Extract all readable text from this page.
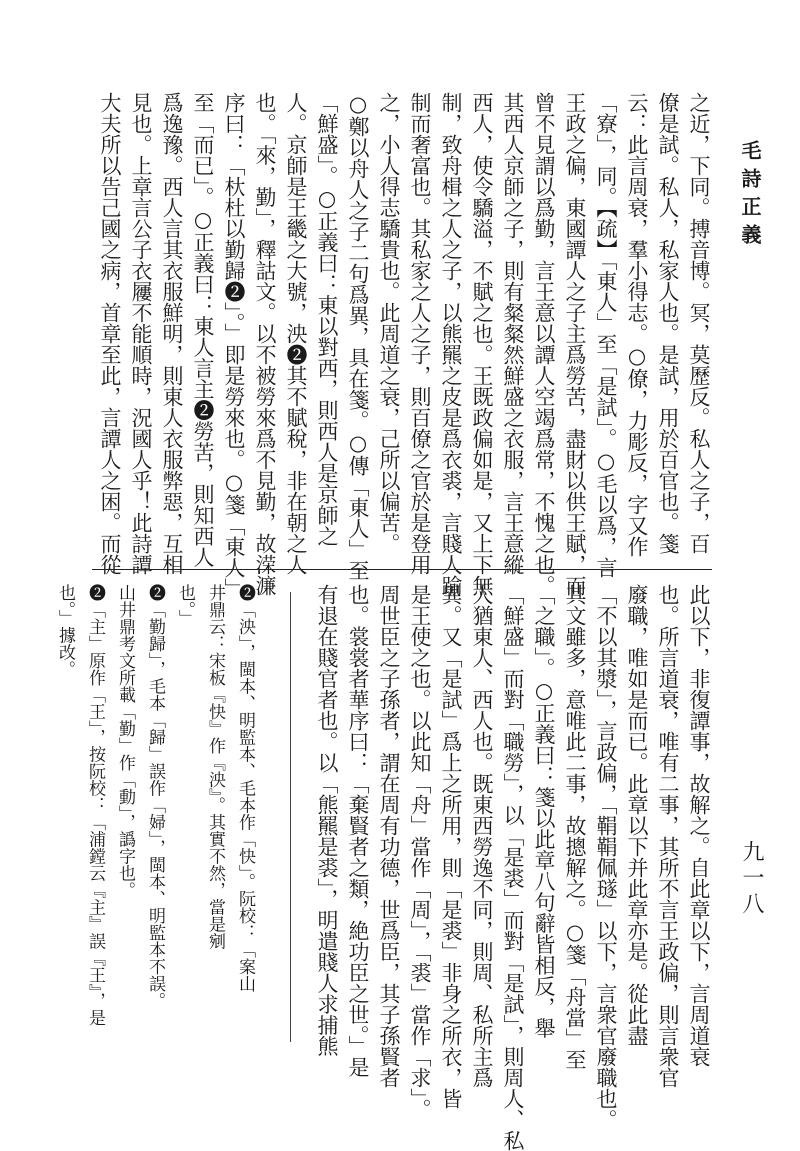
毛詩正義
九一八
之近，下同。搏音博。冥，莫歷反。私人之子，百
僚是試。私人，私家人也。是試，用於百官也。箋
云：此言周衰，羣小得志。○僚，力彫反，字又作
「寮」，同。【疏】「東人」至「是試」。○毛以爲，言
王政之偏，東國譚人之子主爲勞苦，盡財以供王賦，而
曾不見謂以爲勤，言王意以譚人空竭爲常，不愧之也。
其西人京師之子，則有粲粲然鮮盛之衣服，言王意縱
西人，使令驕溢，不賦之也。王既政偏如是，又上下無
制，致舟楫之人之子，以熊羆之皮是爲衣裘，言賤人踰
制而奢富也。其私家之人之子，則百僚之官於是登用
之，小人得志驕貴也。此周道之衰，己所以偏苦。
○鄭以舟人之子二句爲異，具在箋。○傳「東人」至
「鮮盛」。○正義曰：東以對西，則西人是京師之
人。京師是王畿之大號，泱❷其不賦稅，非在朝之人
也。「來，勤」，釋詁文。以不被勞來爲不見勤，故溁濂
序曰：「杕杜以勤歸❷」。」即是勞來也。○箋「東人」
至「而已」。○正義曰：東人言主❷勞苦，則知西人
爲逸豫。西人言其衣服鮮明，則東人衣服弊惡，互相
見也。上章言公子衣屨不能順時，況國人乎！此詩譚
大夫所以告己國之病，首章至此，言譚人之困。而從
此以下，非復譚事，故解之。自此章以下，言周道衰
也。所言道衰，唯有二事，其所不言王政偏，則言衆官
廢職，唯如是而已。此章以下并此章亦是。從此盡
「不以其漿」，言政偏，「鞙鞙佩璲」以下，言衆官廢職也。
其文雖多，意唯此二事，故摠解之。○箋「舟當」至
「之職」。○正義曰：箋以此章八句辭皆相反，舉
「鮮盛」而對「職勞」，以「是裘」而對「是試」，則周人、私
人猶東人、西人也。既東西勞逸不同，則周、私所主爲
異。又「是試」爲上之所用，則「是裘」非身之所衣，皆
是王使之也。以此知「舟」當作「周」，「裘」當作「求」。
周世臣之子孫者，謂在周有功德，世爲臣，其子孫賢者
也。裳裳者華序曰：「棄賢者之類，絶功臣之世。」是
有退在賤官者也。以「熊羆是裘」，明遣賤人求捕熊
❷「泱」，閩本、明監本、毛本作「快」。阮校：「案山
井鼎云：宋板『快』作『泱』。其實不然，當是剜
也。」
❷「勤歸」，毛本「歸」誤作「婦」，閩本、明監本不誤。
山井鼎考文所載「勤」作「動」，譌字也。
❷「主」原作「王」，按阮校：「浦鏜云『主』誤『王』，是
也。」據改。
